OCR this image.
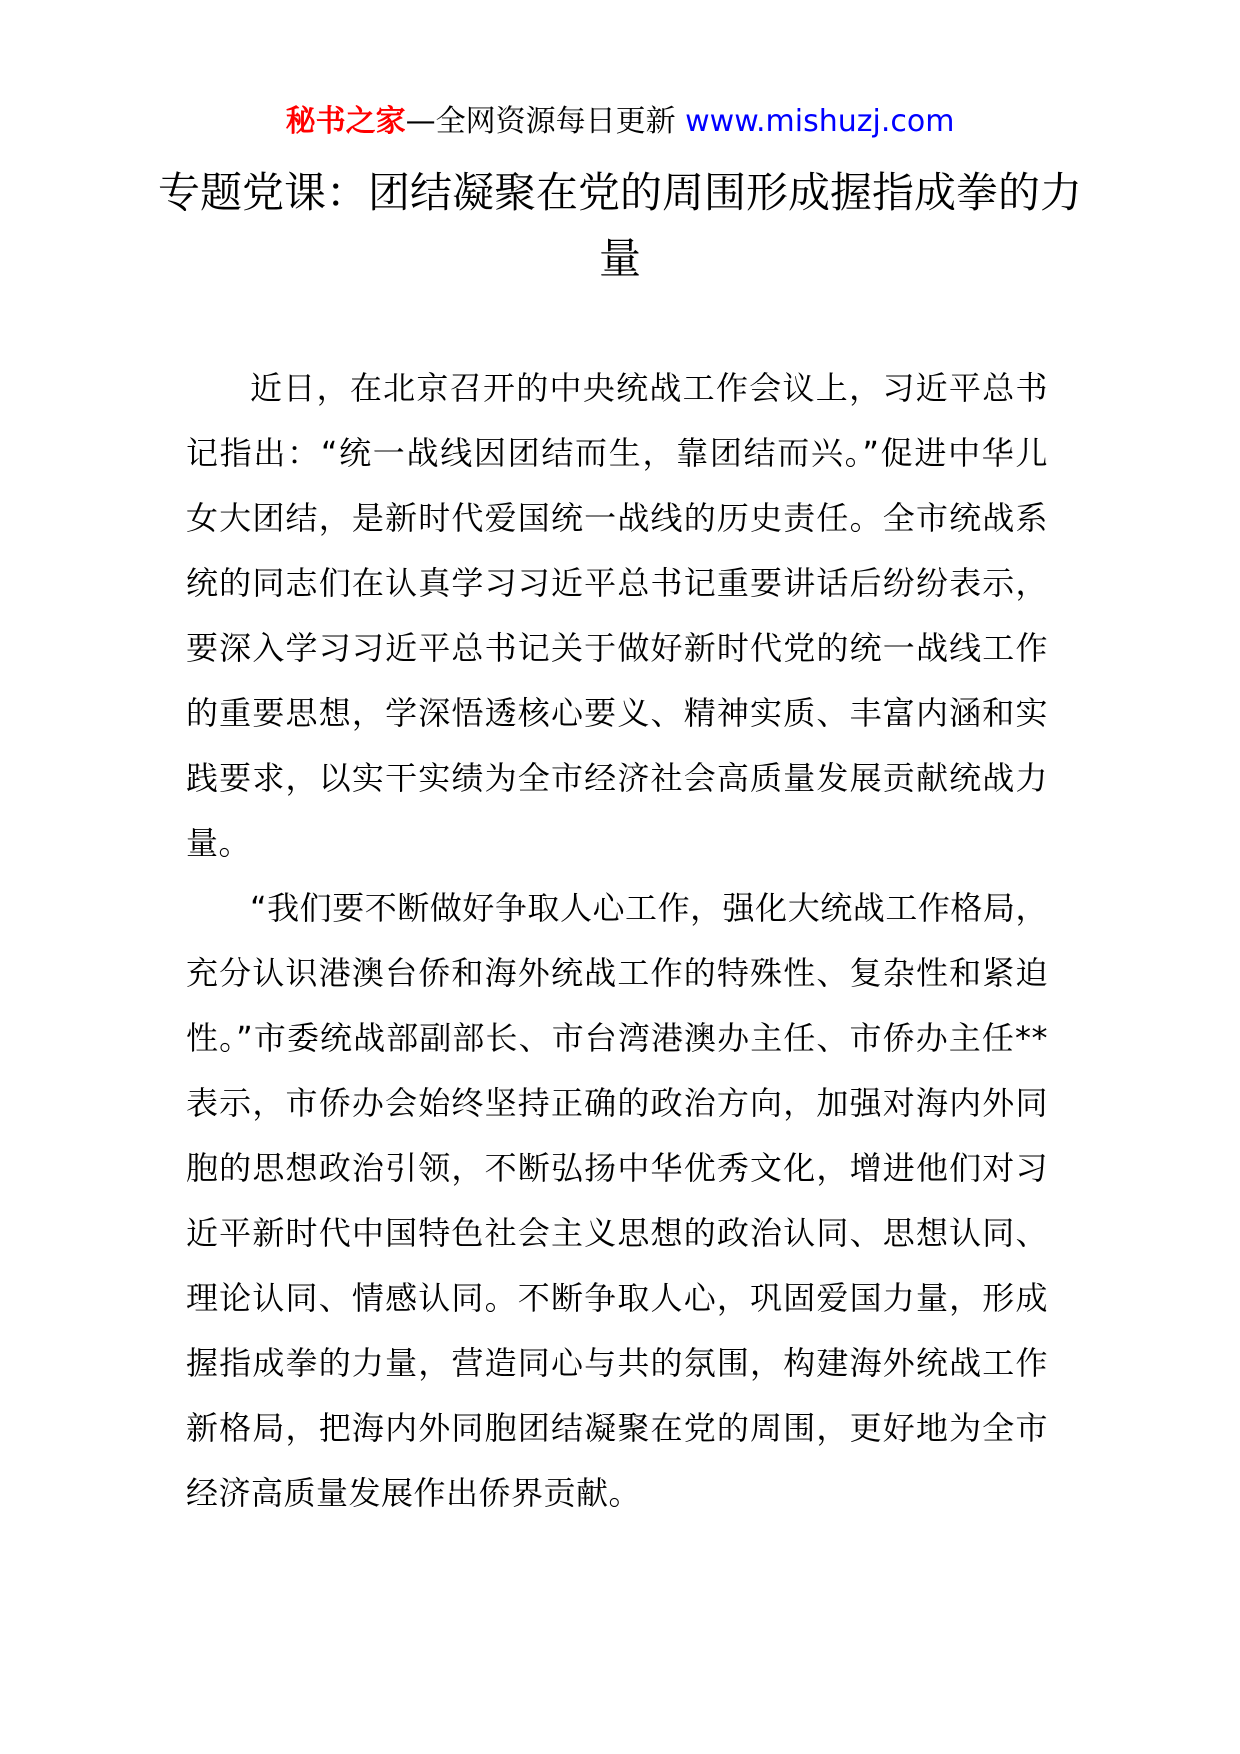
秘书之家—全网资源每日更新 www.mishuzj.com
专题党课：团结凝聚在党的周围形成握指成拳的力量

近日，在北京召开的中央统战工作会议上，习近平总书记指出：“统一战线因团结而生，靠团结而兴。”促进中华儿女大团结，是新时代爱国统一战线的历史责任。全市统战系统的同志们在认真学习习近平总书记重要讲话后纷纷表示，要深入学习习近平总书记关于做好新时代党的统一战线工作的重要思想，学深悟透核心要义、精神实质、丰富内涵和实践要求，以实干实绩为全市经济社会高质量发展贡献统战力量。

“我们要不断做好争取人心工作，强化大统战工作格局，充分认识港澳台侨和海外统战工作的特殊性、复杂性和紧迫性。”市委统战部副部长、市台湾港澳办主任、市侨办主任**表示，市侨办会始终坚持正确的政治方向，加强对海内外同胞的思想政治引领，不断弘扬中华优秀文化，增进他们对习近平新时代中国特色社会主义思想的政治认同、思想认同、理论认同、情感认同。不断争取人心，巩固爱国力量，形成握指成拳的力量，营造同心与共的氛围，构建海外统战工作新格局，把海内外同胞团结凝聚在党的周围，更好地为全市经济高质量发展作出侨界贡献。
